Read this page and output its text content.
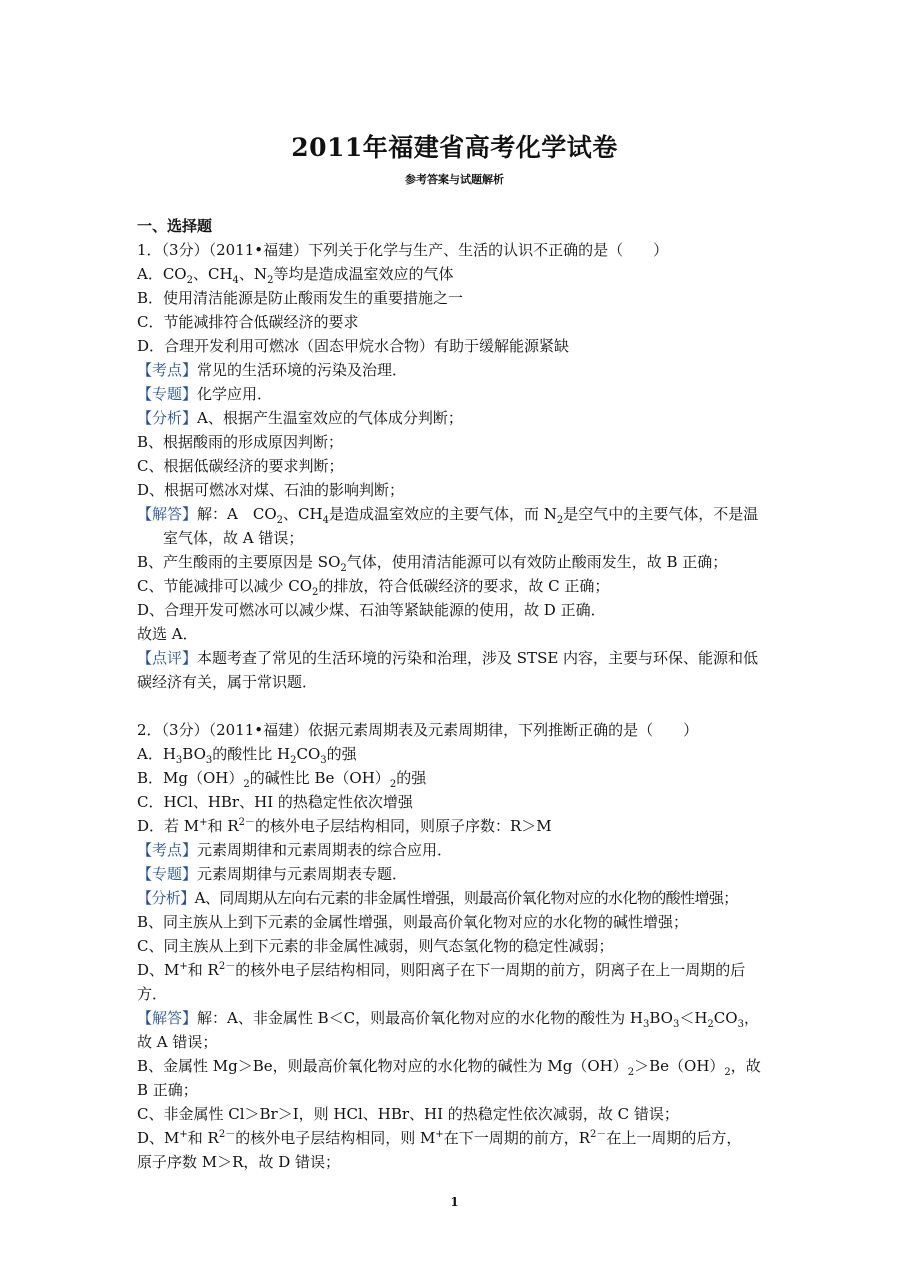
2011年福建省高考化学试卷
参考答案与试题解析
一、选择题
1．（3分）（2011•福建）下列关于化学与生产、生活的认识不正确的是（　　）
A．$CO_2$、$CH_4$、$N_2$等均是造成温室效应的气体
B．使用清洁能源是防止酸雨发生的重要措施之一
C．节能减排符合低碳经济的要求
D．合理开发利用可燃冰（固态甲烷水合物）有助于缓解能源紧缺
【考点】常见的生活环境的污染及治理．
【专题】化学应用．
【分析】A、根据产生温室效应的气体成分判断；
B、根据酸雨的形成原因判断；
C、根据低碳经济的要求判断；
D、根据可燃冰对煤、石油的影响判断；
【解答】解：A　$CO_2$、$CH_4$是造成温室效应的主要气体，而 $N_2$是空气中的主要气体，不是温
室气体，故 A 错误；
B、产生酸雨的主要原因是 $SO_2$气体，使用清洁能源可以有效防止酸雨发生，故 B 正确；
C、节能减排可以减少 $CO_2$的排放，符合低碳经济的要求，故 C 正确；
D、合理开发可燃冰可以减少煤、石油等紧缺能源的使用，故 D 正确．
故选 A．
【点评】本题考查了常见的生活环境的污染和治理，涉及 STSE 内容，主要与环保、能源和低
碳经济有关，属于常识题．
2．（3分）（2011•福建）依据元素周期表及元素周期律，下列推断正确的是（　　）
A．$H_3BO_3$的酸性比 $H_2CO_3$的强
B．$Mg(OH)_2$的碱性比 $Be(OH)_2$的强
C．HCl、HBr、HI 的热稳定性依次增强
D．若 M+和 $R^{2-}$的核外电子层结构相同，则原子序数：R＞M
【考点】元素周期律和元素周期表的综合应用．
【专题】元素周期律与元素周期表专题．
【分析】A、同周期从左向右元素的非金属性增强，则最高价氧化物对应的水化物的酸性增强；
B、同主族从上到下元素的金属性增强，则最高价氧化物对应的水化物的碱性增强；
C、同主族从上到下元素的非金属性减弱，则气态氢化物的稳定性减弱；
D、M+和 $R^{2-}$的核外电子层结构相同，则阳离子在下一周期的前方，阴离子在上一周期的后
方．
【解答】解：A、非金属性 B＜C，则最高价氧化物对应的水化物的酸性为 $H_3BO_3<H_2CO_3$，
故 A 错误；
B、金属性 Mg＞Be，则最高价氧化物对应的水化物的碱性为 $Mg(OH)_2>Be(OH)_2$，故
B 正确；
C、非金属性 Cl＞Br＞I，则 HCl、HBr、HI 的热稳定性依次减弱，故 C 错误；
D、M+和 $R^{2-}$的核外电子层结构相同，则 M+在下一周期的前方，$R^{2-}$在上一周期的后方，
原子序数 M＞R，故 D 错误；
1
